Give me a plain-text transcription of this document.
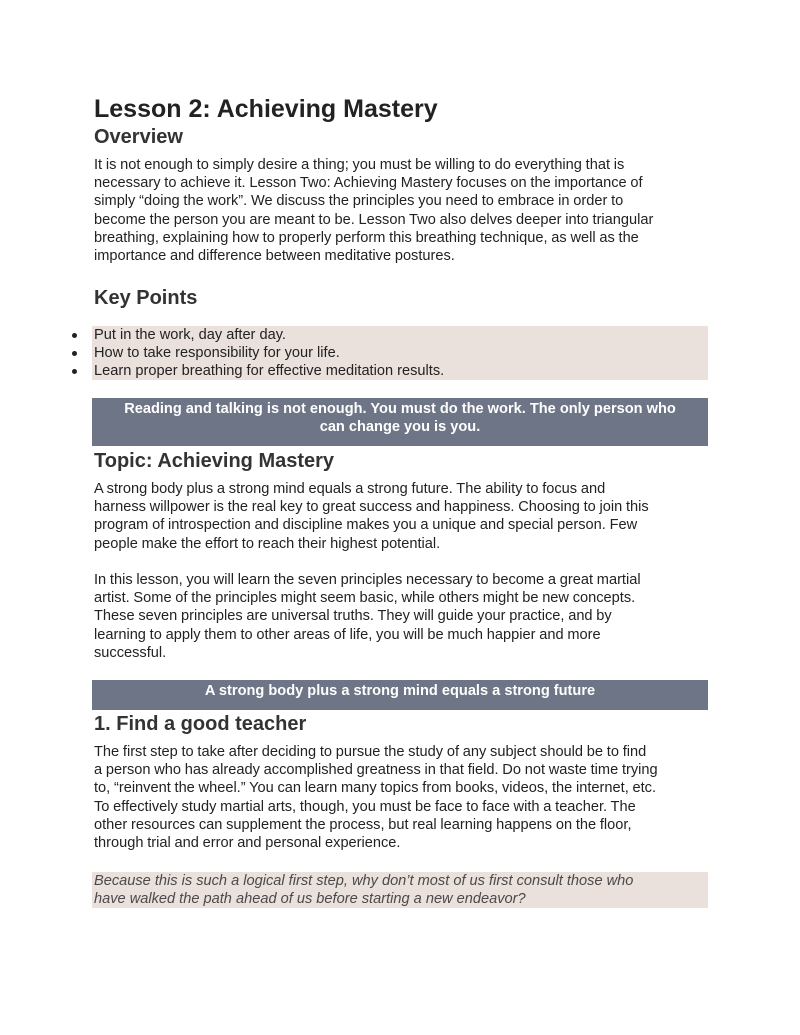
Lesson 2: Achieving Mastery
Overview

It is not enough to simply desire a thing; you must be willing to do everything that is

necessary to achieve it. Lesson Two: Achieving Mastery focuses on the importance of

simply “doing the work”. We discuss the principles you need to embrace in order to

become the person you are meant to be. Lesson Two also delves deeper into triangular

breathing, explaining how to properly perform this breathing technique, as well as the

importance and difference between meditative postures.

Key Points
Put in the work, day after day.
How to take responsibility for your life.
Learn proper breathing for effective meditation results.
Reading and talking is not enough. You must do the work. The only person who
can change you is you.
Topic: Achieving Mastery

A strong body plus a strong mind equals a strong future. The ability to focus and

harness willpower is the real key to great success and happiness. Choosing to join this

program of introspection and discipline makes you a unique and special person. Few

people make the effort to reach their highest potential.

In this lesson, you will learn the seven principles necessary to become a great martial

artist. Some of the principles might seem basic, while others might be new concepts.

These seven principles are universal truths. They will guide your practice, and by

learning to apply them to other areas of life, you will be much happier and more

successful.

A strong body plus a strong mind equals a strong future
1. Find a good teacher

The first step to take after deciding to pursue the study of any subject should be to find

a person who has already accomplished greatness in that field. Do not waste time trying

to, “reinvent the wheel.” You can learn many topics from books, videos, the internet, etc.

To effectively study martial arts, though, you must be face to face with a teacher. The

other resources can supplement the process, but real learning happens on the floor,

through trial and error and personal experience.

Because this is such a logical first step, why don’t most of us first consult those who
have walked the path ahead of us before starting a new endeavor?
